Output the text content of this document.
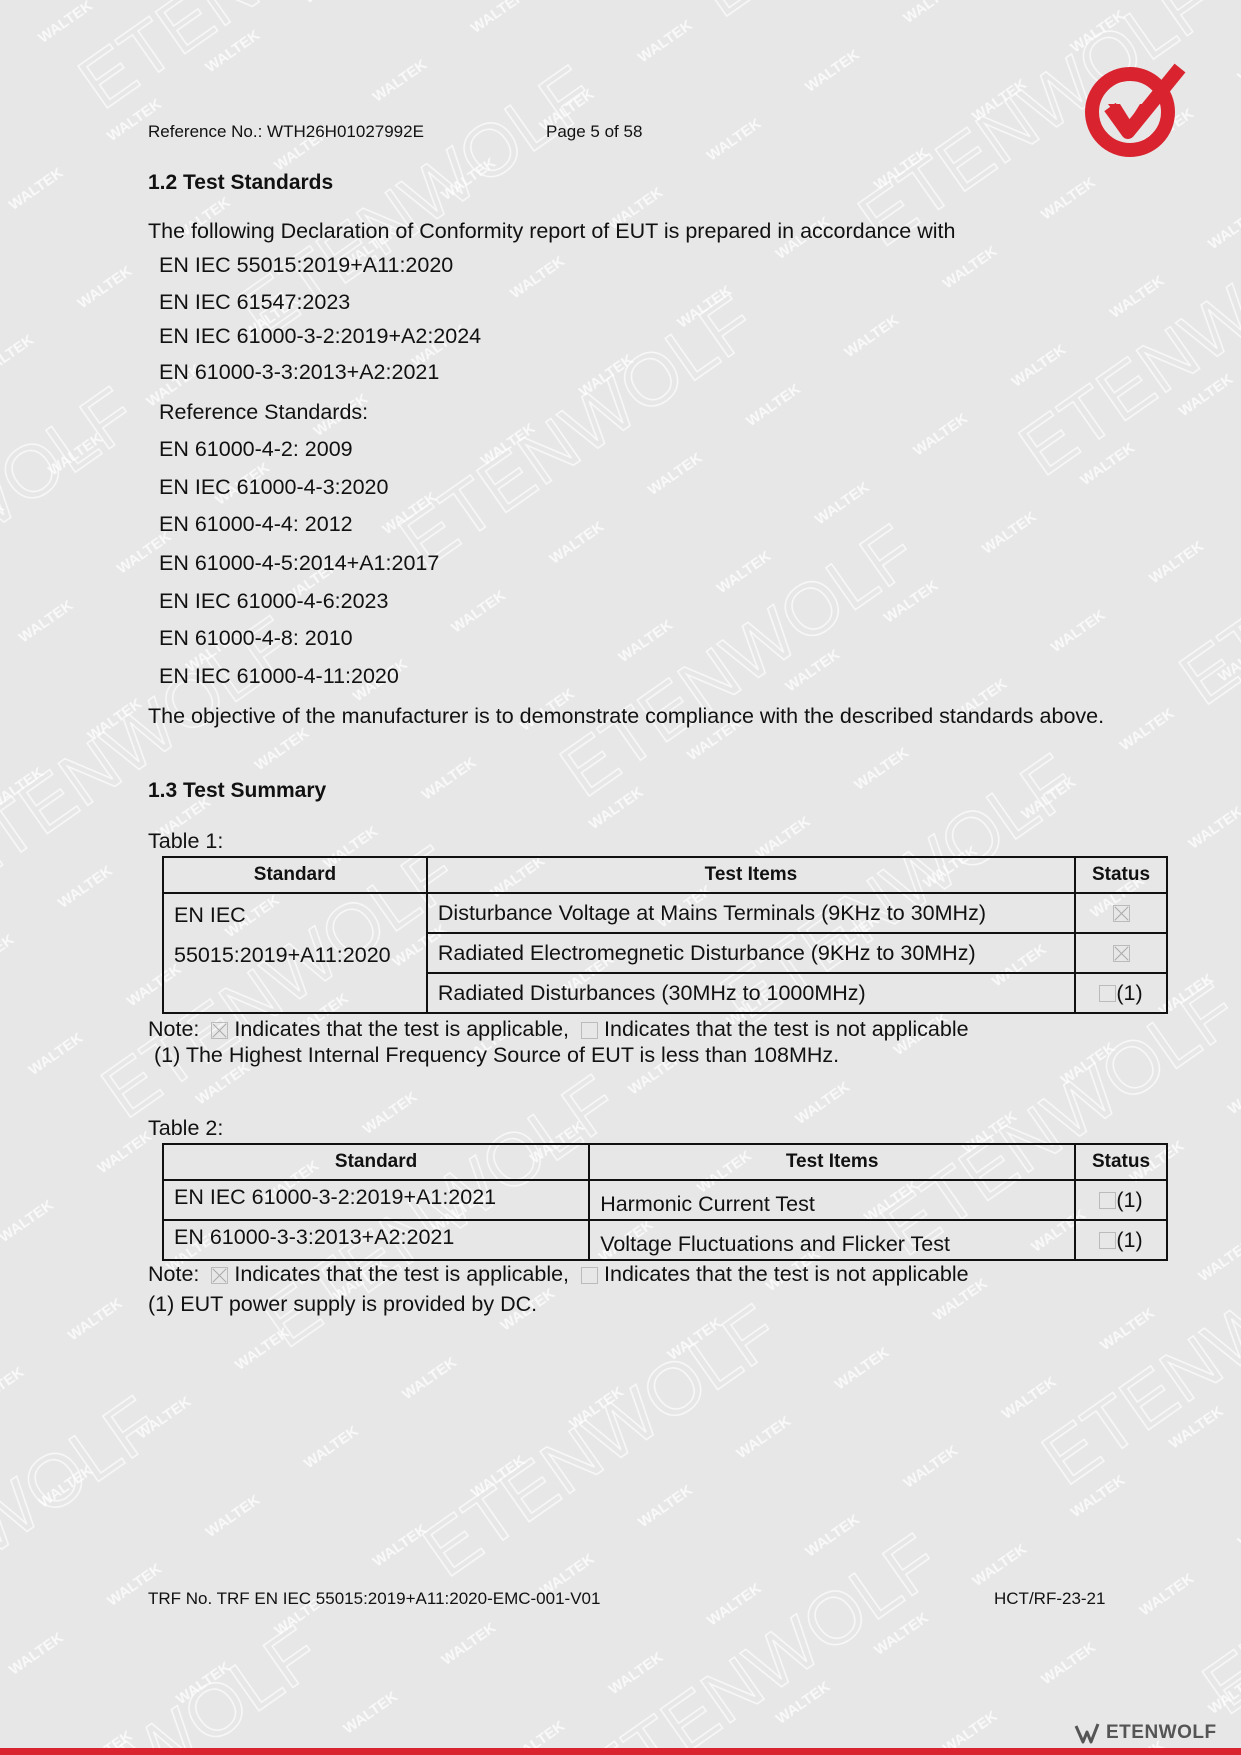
Reference No.: WTH26H01027992E	Page 5 of 58
1.2 Test Standards
The following Declaration of Conformity report of EUT is prepared in accordance with
EN IEC 55015:2019+A11:2020
EN IEC 61547:2023
EN IEC 61000-3-2:2019+A2:2024
EN 61000-3-3:2013+A2:2021
Reference Standards:
EN 61000-4-2: 2009
EN IEC 61000-4-3:2020
EN 61000-4-4: 2012
EN 61000-4-5:2014+A1:2017
EN IEC 61000-4-6:2023
EN 61000-4-8: 2010
EN IEC 61000-4-11:2020
The objective of the manufacturer is to demonstrate compliance with the described standards above.
1.3 Test Summary
Table 1:
Standard	Test Items	Status

EN IEC
55015:2019+A11:2020	Disturbance Voltage at Mains Terminals (9KHz to 30MHz)	
	Radiated Electromegnetic Disturbance (9KHz to 30MHz)	
	Radiated Disturbances (30MHz to 1000MHz)	(1)
Note: Indicates that the test is applicable, Indicates that the test is not applicable
(1) The Highest Internal Frequency Source of EUT is less than 108MHz.
Table 2:
Standard	Test Items	Status
EN IEC 61000-3-2:2019+A1:2021	Harmonic Current Test	(1)
EN 61000-3-3:2013+A2:2021	Voltage Fluctuations and Flicker Test	(1)
Note: Indicates that the test is applicable, Indicates that the test is not applicable
(1) EUT power supply is provided by DC.
TRF No. TRF EN IEC 55015:2019+A11:2020-EMC-001-V01	HCT/RF-23-21
ETENWOLF
